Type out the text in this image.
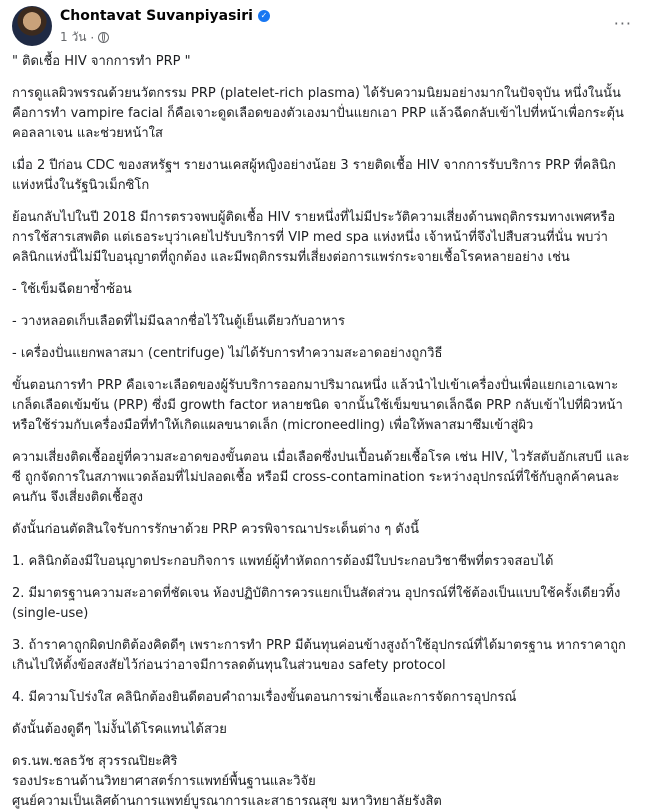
Chontavat Suvanpiyasiri ✓
1 วัน ·
···

" ติดเชื้อ HIV จากการทำ PRP "

การดูแลผิวพรรณด้วยนวัตกรรม PRP (platelet-rich plasma) ได้รับความนิยมอย่างมากในปัจจุบัน หนึ่งในนั้นคือการทำ vampire facial ก็คือเจาะดูดเลือดของตัวเองมาปั่นแยกเอา PRP แล้วฉีดกลับเข้าไปที่หน้าเพื่อกระตุ้นคอลลาเจน และช่วยหน้าใส

เมื่อ 2 ปีก่อน CDC ของสหรัฐฯ รายงานเคสผู้หญิงอย่างน้อย 3 รายติดเชื้อ HIV จากการรับบริการ PRP ที่คลินิกแห่งหนึ่งในรัฐนิวเม็กซิโก

ย้อนกลับไปในปี 2018 มีการตรวจพบผู้ติดเชื้อ HIV รายหนึ่งที่ไม่มีประวัติความเสี่ยงด้านพฤติกรรมทางเพศหรือการใช้สารเสพติด แต่เธอระบุว่าเคยไปรับบริการที่ VIP med spa แห่งหนึ่ง เจ้าหน้าที่จึงไปสืบสวนที่นั่น พบว่าคลินิกแห่งนี้ไม่มีใบอนุญาตที่ถูกต้อง และมีพฤติกรรมที่เสี่ยงต่อการแพร่กระจายเชื้อโรคหลายอย่าง เช่น

- ใช้เข็มฉีดยาซ้ำซ้อน

- วางหลอดเก็บเลือดที่ไม่มีฉลากชื่อไว้ในตู้เย็นเดียวกับอาหาร

- เครื่องปั่นแยกพลาสมา (centrifuge) ไม่ได้รับการทำความสะอาดอย่างถูกวิธี

ขั้นตอนการทำ PRP คือเจาะเลือดของผู้รับบริการออกมาปริมาณหนึ่ง แล้วนำไปเข้าเครื่องปั่นเพื่อแยกเอาเฉพาะเกล็ดเลือดเข้มข้น (PRP) ซึ่งมี growth factor หลายชนิด จากนั้นใช้เข็มขนาดเล็กฉีด PRP กลับเข้าไปที่ผิวหน้า หรือใช้ร่วมกับเครื่องมือที่ทำให้เกิดแผลขนาดเล็ก (microneedling) เพื่อให้พลาสมาซึมเข้าสู่ผิว

ความเสี่ยงติดเชื้ออยู่ที่ความสะอาดของขั้นตอน เมื่อเลือดซึ่งปนเปื้อนด้วยเชื้อโรค เช่น HIV, ไวรัสตับอักเสบบี และซี ถูกจัดการในสภาพแวดล้อมที่ไม่ปลอดเชื้อ หรือมี cross-contamination ระหว่างอุปกรณ์ที่ใช้กับลูกค้าคนละคนกัน จึงเสี่ยงติดเชื้อสูง

ดังนั้นก่อนตัดสินใจรับการรักษาด้วย PRP ควรพิจารณาประเด็นต่าง ๆ ดังนี้

1. คลินิกต้องมีใบอนุญาตประกอบกิจการ แพทย์ผู้ทำหัตถการต้องมีใบประกอบวิชาชีพที่ตรวจสอบได้

2. มีมาตรฐานความสะอาดที่ชัดเจน ห้องปฏิบัติการควรแยกเป็นสัดส่วน อุปกรณ์ที่ใช้ต้องเป็นแบบใช้ครั้งเดียวทิ้ง (single-use)

3. ถ้าราคาถูกผิดปกติต้องคิดดีๆ เพราะการทำ PRP มีต้นทุนค่อนข้างสูงถ้าใช้อุปกรณ์ที่ได้มาตรฐาน หากราคาถูกเกินไปให้ตั้งข้อสงสัยไว้ก่อนว่าอาจมีการลดต้นทุนในส่วนของ safety protocol

4. มีความโปร่งใส คลินิกต้องยินดีตอบคำถามเรื่องขั้นตอนการฆ่าเชื้อและการจัดการอุปกรณ์

ดังนั้นต้องดูดีๆ ไม่งั้นได้โรคแทนได้สวย

ดร.นพ.ชลธวัช สุวรรณปิยะศิริ

รองประธานด้านวิทยาศาสตร์การแพทย์พื้นฐานและวิจัย

ศูนย์ความเป็นเลิศด้านการแพทย์บูรณาการและสาธารณสุข มหาวิทยาลัยรังสิต
